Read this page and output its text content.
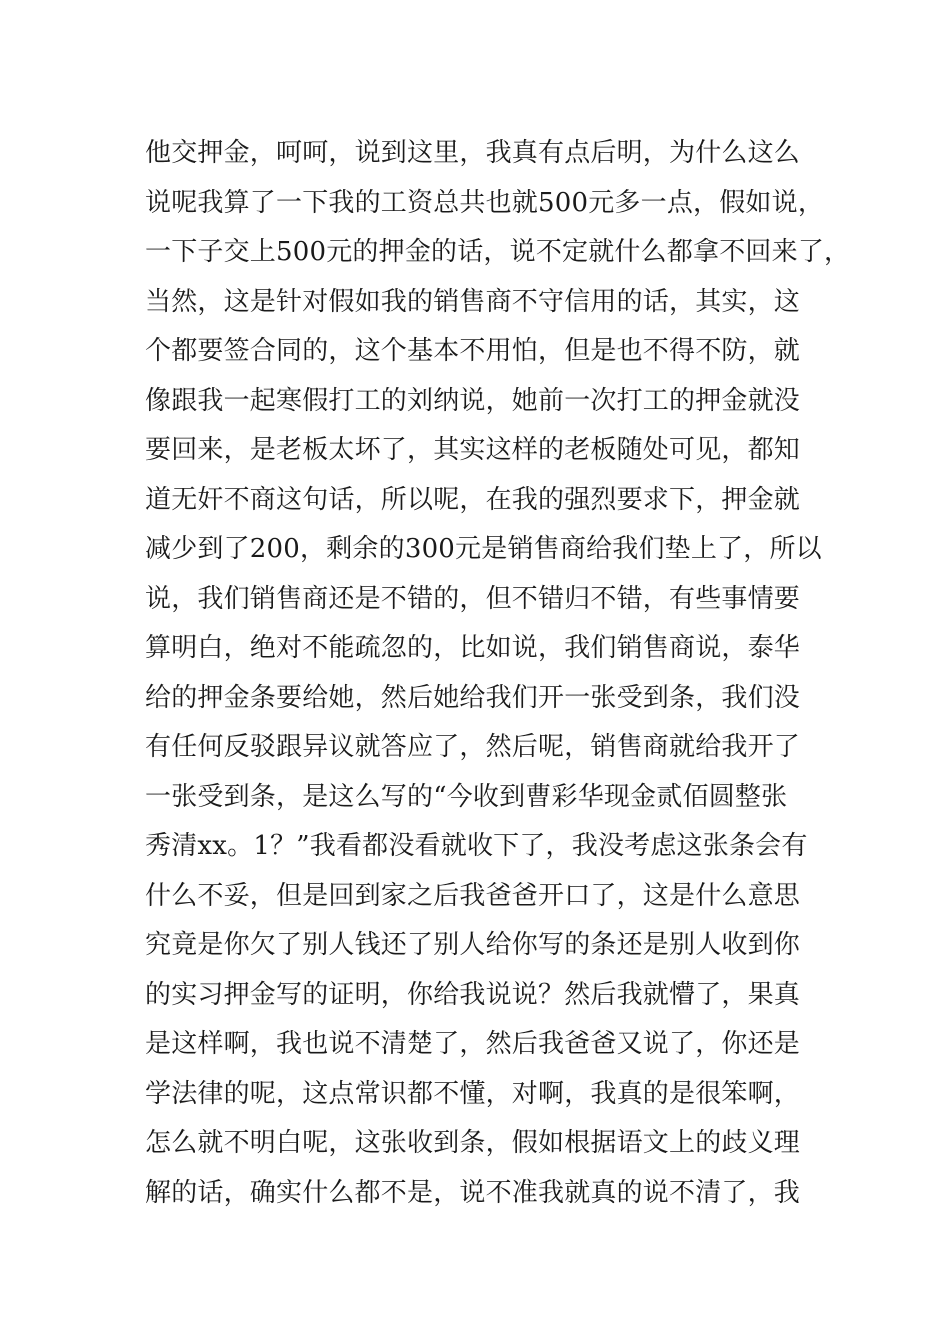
他交押金，呵呵，说到这里，我真有点后明，为什么这么
说呢我算了一下我的工资总共也就500元多一点，假如说，
一下子交上500元的押金的话，说不定就什么都拿不回来了，
当然，这是针对假如我的销售商不守信用的话，其实，这
个都要签合同的，这个基本不用怕，但是也不得不防，就
像跟我一起寒假打工的刘纳说，她前一次打工的押金就没
要回来，是老板太坏了，其实这样的老板随处可见，都知
道无奸不商这句话，所以呢，在我的强烈要求下，押金就
减少到了200，剩余的300元是销售商给我们垫上了，所以
说，我们销售商还是不错的，但不错归不错，有些事情要
算明白，绝对不能疏忽的，比如说，我们销售商说，泰华
给的押金条要给她，然后她给我们开一张受到条，我们没
有任何反驳跟异议就答应了，然后呢，销售商就给我开了
一张受到条，是这么写的“今收到曹彩华现金贰佰圆整张
秀清xx。1？”我看都没看就收下了，我没考虑这张条会有
什么不妥，但是回到家之后我爸爸开口了，这是什么意思
究竟是你欠了别人钱还了别人给你写的条还是别人收到你
的实习押金写的证明，你给我说说？然后我就懵了，果真
是这样啊，我也说不清楚了，然后我爸爸又说了，你还是
学法律的呢，这点常识都不懂，对啊，我真的是很笨啊，
怎么就不明白呢，这张收到条，假如根据语文上的歧义理
解的话，确实什么都不是，说不准我就真的说不清了，我
